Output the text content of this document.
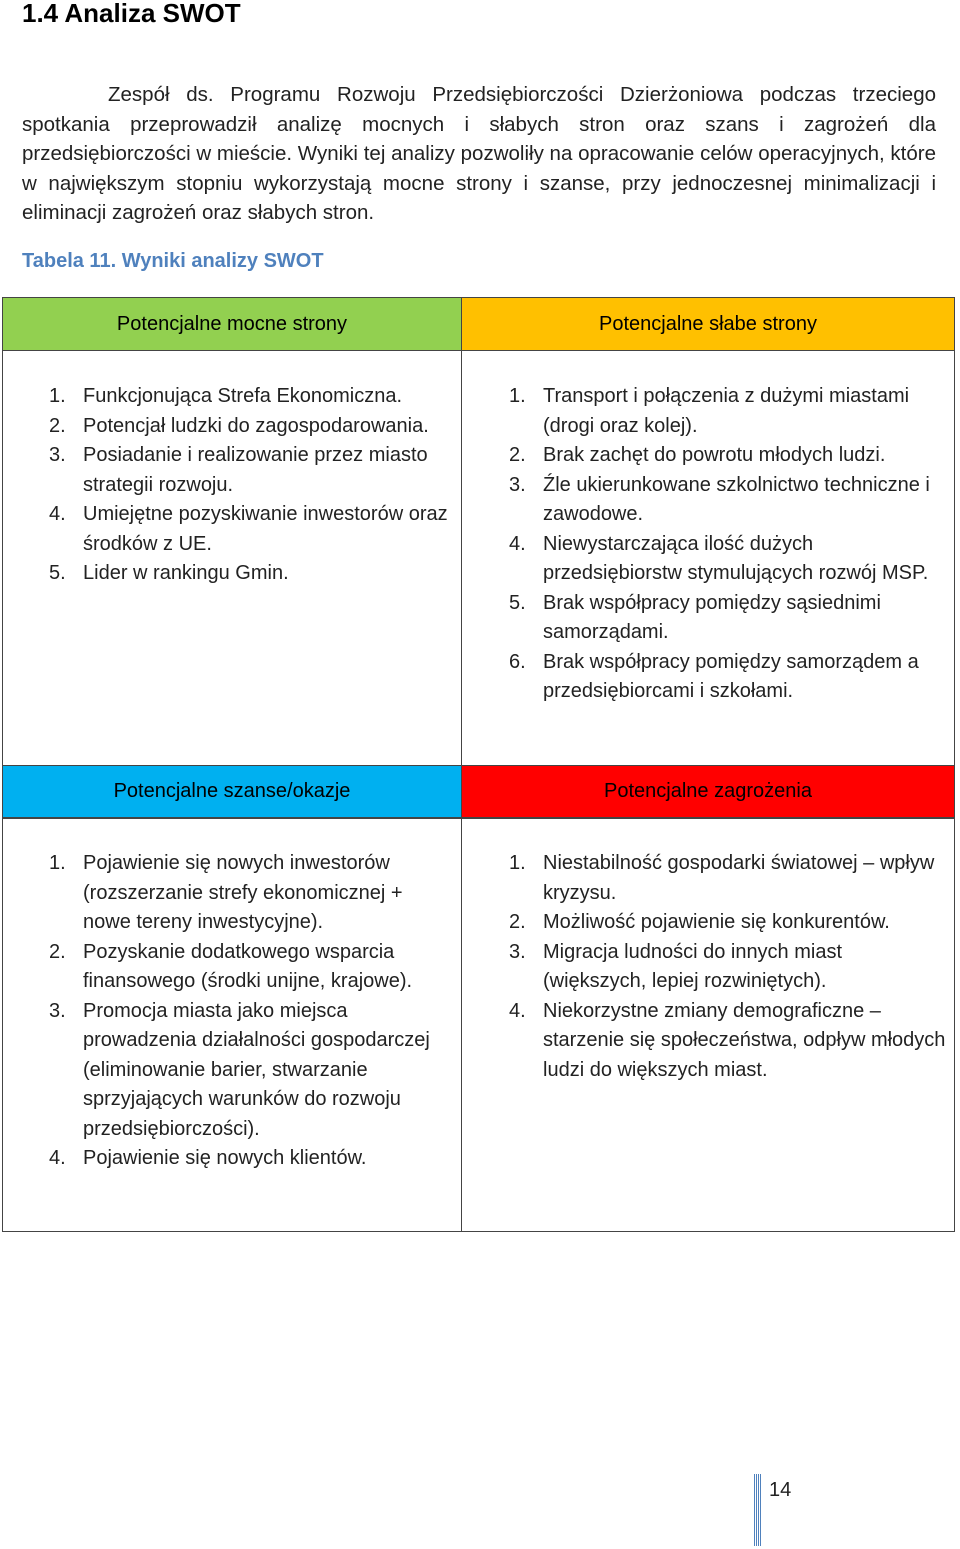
1.4 Analiza SWOT

Zespół ds. Programu Rozwoju Przedsiębiorczości Dzierżoniowa podczas trzeciego spotkania przeprowadził analizę mocnych i słabych stron oraz szans i zagrożeń dla przedsiębiorczości w mieście. Wyniki tej analizy pozwoliły na opracowanie celów operacyjnych, które w największym stopniu wykorzystają mocne strony i szanse, przy jednoczesnej minimalizacji i eliminacji zagrożeń oraz słabych stron.

Tabela 11. Wyniki analizy SWOT

Potencjalne mocne strony	Potencjalne słabe strony
Potencjalne szanse/okazje	Potencjalne zagrożenia
1. Funkcjonująca Strefa Ekonomiczna.
2. Potencjał ludzki do zagospodarowania.
3. Posiadanie i realizowanie przez miasto strategii rozwoju.
4. Umiejętne pozyskiwanie inwestorów oraz środków z UE.
5. Lider w rankingu Gmin.
1. Transport i połączenia z dużymi miastami (drogi oraz kolej).
2. Brak zachęt do powrotu młodych ludzi.
3. Źle ukierunkowane szkolnictwo techniczne i zawodowe.
4. Niewystarczająca ilość dużych przedsiębiorstw stymulujących rozwój MSP.
5. Brak współpracy pomiędzy sąsiednimi samorządami.
6. Brak współpracy pomiędzy samorządem a przedsiębiorcami i szkołami.
1. Pojawienie się nowych inwestorów (rozszerzanie strefy ekonomicznej + nowe tereny inwestycyjne).
2. Pozyskanie dodatkowego wsparcia finansowego (środki unijne, krajowe).
3. Promocja miasta jako miejsca prowadzenia działalności gospodarczej (eliminowanie barier, stwarzanie sprzyjających warunków do rozwoju przedsiębiorczości).
4. Pojawienie się nowych klientów.
1. Niestabilność gospodarki światowej – wpływ kryzysu.
2. Możliwość pojawienie się konkurentów.
3. Migracja ludności do innych miast (większych, lepiej rozwiniętych).
4. Niekorzystne zmiany demograficzne – starzenie się społeczeństwa, odpływ młodych ludzi do większych miast.
14
